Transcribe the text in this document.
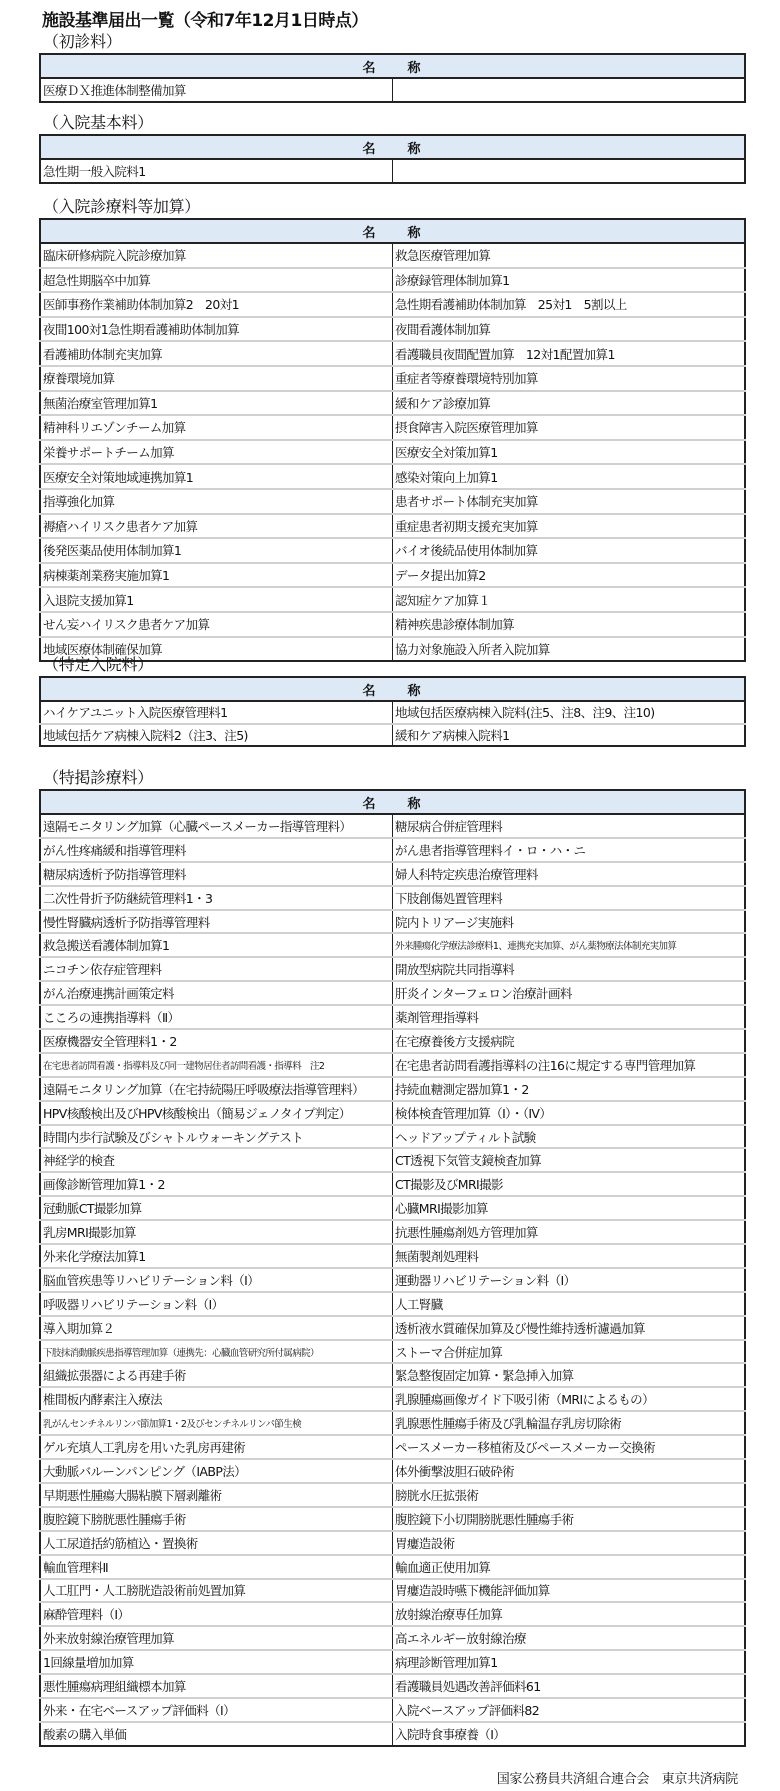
施設基準届出一覧（令和7年12月1日時点）
（初診料）
名　　称
医療ＤＸ推進体制整備加算	
（入院基本料）
名　　称
急性期一般入院料1	
（入院診療料等加算）
名　　称	
臨床研修病院入院診療加算	救急医療管理加算
超急性期脳卒中加算	診療録管理体制加算1
医師事務作業補助体制加算2　20対1	急性期看護補助体制加算　25対1　5割以上
夜間100対1急性期看護補助体制加算	夜間看護体制加算
看護補助体制充実加算	看護職員夜間配置加算　12対1配置加算1
療養環境加算	重症者等療養環境特別加算
無菌治療室管理加算1	緩和ケア診療加算
精神科リエゾンチーム加算	摂食障害入院医療管理加算
栄養サポートチーム加算	医療安全対策加算1
医療安全対策地域連携加算1	感染対策向上加算1
指導強化加算	患者サポート体制充実加算
褥瘡ハイリスク患者ケア加算	重症患者初期支援充実加算
後発医薬品使用体制加算1	バイオ後続品使用体制加算
病棟薬剤業務実施加算1	データ提出加算2
入退院支援加算1	認知症ケア加算１
せん妄ハイリスク患者ケア加算	精神疾患診療体制加算
地域医療体制確保加算	協力対象施設入所者入院加算
（特定入院料）
名　　称	
ハイケアユニット入院医療管理料1	地域包括医療病棟入院料(注5、注8、注9、注10)
地域包括ケア病棟入院料2（注3、注5)	緩和ケア病棟入院料1
（特掲診療料）
名　　称	
遠隔モニタリング加算（心臓ペースメーカー指導管理料）	糖尿病合併症管理料
がん性疼痛緩和指導管理料	がん患者指導管理料イ・ロ・ハ・ニ
糖尿病透析予防指導管理料	婦人科特定疾患治療管理料
二次性骨折予防継続管理料1・3	下肢創傷処置管理料
慢性腎臓病透析予防指導管理料	院内トリアージ実施料
救急搬送看護体制加算1	外来腫瘍化学療法診療料1、連携充実加算、がん薬物療法体制充実加算
ニコチン依存症管理料	開放型病院共同指導料
がん治療連携計画策定料	肝炎インターフェロン治療計画料
こころの連携指導料（Ⅱ）	薬剤管理指導料
医療機器安全管理料1・2	在宅療養後方支援病院
在宅患者訪問看護・指導料及び同一建物居住者訪問看護・指導料　注2	在宅患者訪問看護指導料の注16に規定する専門管理加算
遠隔モニタリング加算（在宅持続陽圧呼吸療法指導管理料）	持続血糖測定器加算1・2
HPV核酸検出及びHPV核酸検出（簡易ジェノタイプ判定）	検体検査管理加算（Ⅰ）・（Ⅳ）
時間内歩行試験及びシャトルウォーキングテスト	ヘッドアップティルト試験
神経学的検査	CT透視下気管支鏡検査加算
画像診断管理加算1・2	CT撮影及びMRI撮影
冠動脈CT撮影加算	心臓MRI撮影加算
乳房MRI撮影加算	抗悪性腫瘍剤処方管理加算
外来化学療法加算1	無菌製剤処理料
脳血管疾患等リハビリテーション料（Ⅰ）	運動器リハビリテーション料（Ⅰ）
呼吸器リハビリテーション料（Ⅰ）	人工腎臓
導入期加算２	透析液水質確保加算及び慢性維持透析濾過加算
下肢抹消動脈疾患指導管理加算（連携先：心臓血管研究所付属病院）	ストーマ合併症加算
組織拡張器による再建手術	緊急整復固定加算・緊急挿入加算
椎間板内酵素注入療法	乳腺腫瘍画像ガイド下吸引術（MRIによるもの）
乳がんセンチネルリンパ節加算1・2及びセンチネルリンパ節生検	乳腺悪性腫瘍手術及び乳輪温存乳房切除術
ゲル充填人工乳房を用いた乳房再建術	ペースメーカー移植術及びペースメーカー交換術
大動脈バルーンパンピング（IABP法）	体外衝撃波胆石破砕術
早期悪性腫瘍大腸粘膜下層剥離術	膀胱水圧拡張術
腹腔鏡下膀胱悪性腫瘍手術	腹腔鏡下小切開膀胱悪性腫瘍手術
人工尿道括約筋植込・置換術	胃瘻造設術
輸血管理料Ⅱ	輸血適正使用加算
人工肛門・人工膀胱造設術前処置加算	胃瘻造設時嚥下機能評価加算
麻酔管理料（Ⅰ）	放射線治療専任加算
外来放射線治療管理加算	高エネルギー放射線治療
1回線量増加加算	病理診断管理加算1
悪性腫瘍病理組織標本加算	看護職員処遇改善評価料61
外来・在宅ベースアップ評価料（Ⅰ）	入院ベースアップ評価料82
酸素の購入単価	入院時食事療養（Ⅰ）
国家公務員共済組合連合会　東京共済病院
